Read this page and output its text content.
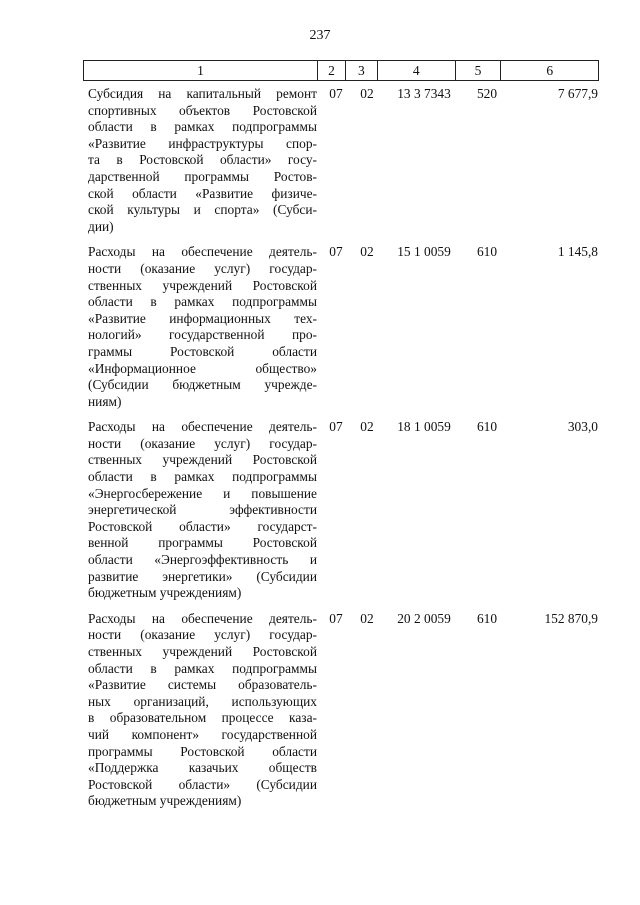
237
1	2	3	4	5	6
Субсидия на капитальный ремонт
спортивных объектов Ростовской
области в рамках подпрограммы
«Развитие инфраструктуры спор-
та в Ростовской области» госу-
дарственной программы Ростов-
ской области «Развитие физиче-
ской культуры и спорта» (Субси-
дии)
07	02	13 3 7343	520	7 677,9
Расходы на обеспечение деятель-
ности (оказание услуг) государ-
ственных учреждений Ростовской
области в рамках подпрограммы
«Развитие информационных тех-
нологий» государственной про-
граммы Ростовской области
«Информационное общество»
(Субсидии бюджетным учрежде-
ниям)
07	02	15 1 0059	610	1 145,8
Расходы на обеспечение деятель-
ности (оказание услуг) государ-
ственных учреждений Ростовской
области в рамках подпрограммы
«Энергосбережение и повышение
энергетической эффективности
Ростовской области» государст-
венной программы Ростовской
области «Энергоэффективность и
развитие энергетики» (Субсидии
бюджетным учреждениям)
07	02	18 1 0059	610	303,0
Расходы на обеспечение деятель-
ности (оказание услуг) государ-
ственных учреждений Ростовской
области в рамках подпрограммы
«Развитие системы образователь-
ных организаций, использующих
в образовательном процессе каза-
чий компонент» государственной
программы Ростовской области
«Поддержка казачьих обществ
Ростовской области» (Субсидии
бюджетным учреждениям)
07	02	20 2 0059	610	152 870,9
